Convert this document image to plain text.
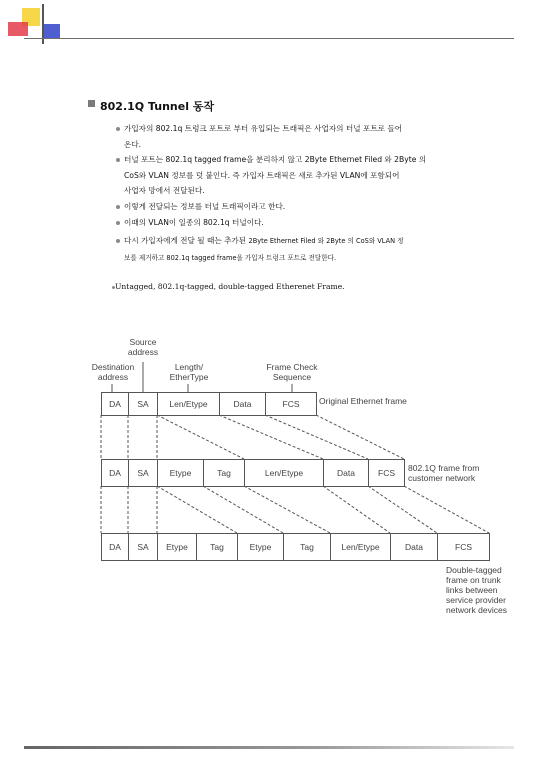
802.1Q Tunnel 동작
가입자의 802.1q 트렁크 포트로 부터 유입되는 트래픽은 사업자의 터널 포트로 들어
온다.
터널 포트는 802.1q tagged frame을 분리하지 않고 2Byte Ethernet Filed 와 2Byte 의
CoS와 VLAN 정보를 덧 붙인다. 즉 가입자 트래픽은 새로 추가된 VLAN에 포함되어
사업자 망에서 전달된다.
이렇게 전달되는 정보를 터널 트래픽이라고 한다.
이때의 VLAN이 일종의 802.1q 터널이다.
다시 가입자에게 전달 될 때는 추가된 2Byte Ethernet Filed 와 2Byte 의 CoS와 VLAN 정
보를 제거하고 802.1q tagged frame을 가입자 트렁크 포트로 전달한다.
Untagged, 802.1q-tagged, double-tagged Etherenet Frame.
Source
address
Destination
address
Length/
EtherType
Frame Check
Sequence
DA	SA	Len/Etype	Data	FCS	Original Ethernet frame
DA	SA	Etype	Tag	Len/Etype	Data	FCS	802.1Q frame from
customer network
DA	SA	Etype	Tag	Etype	Tag	Len/Etype	Data	FCS
Double-tagged
frame on trunk
links between
service provider
network devices
